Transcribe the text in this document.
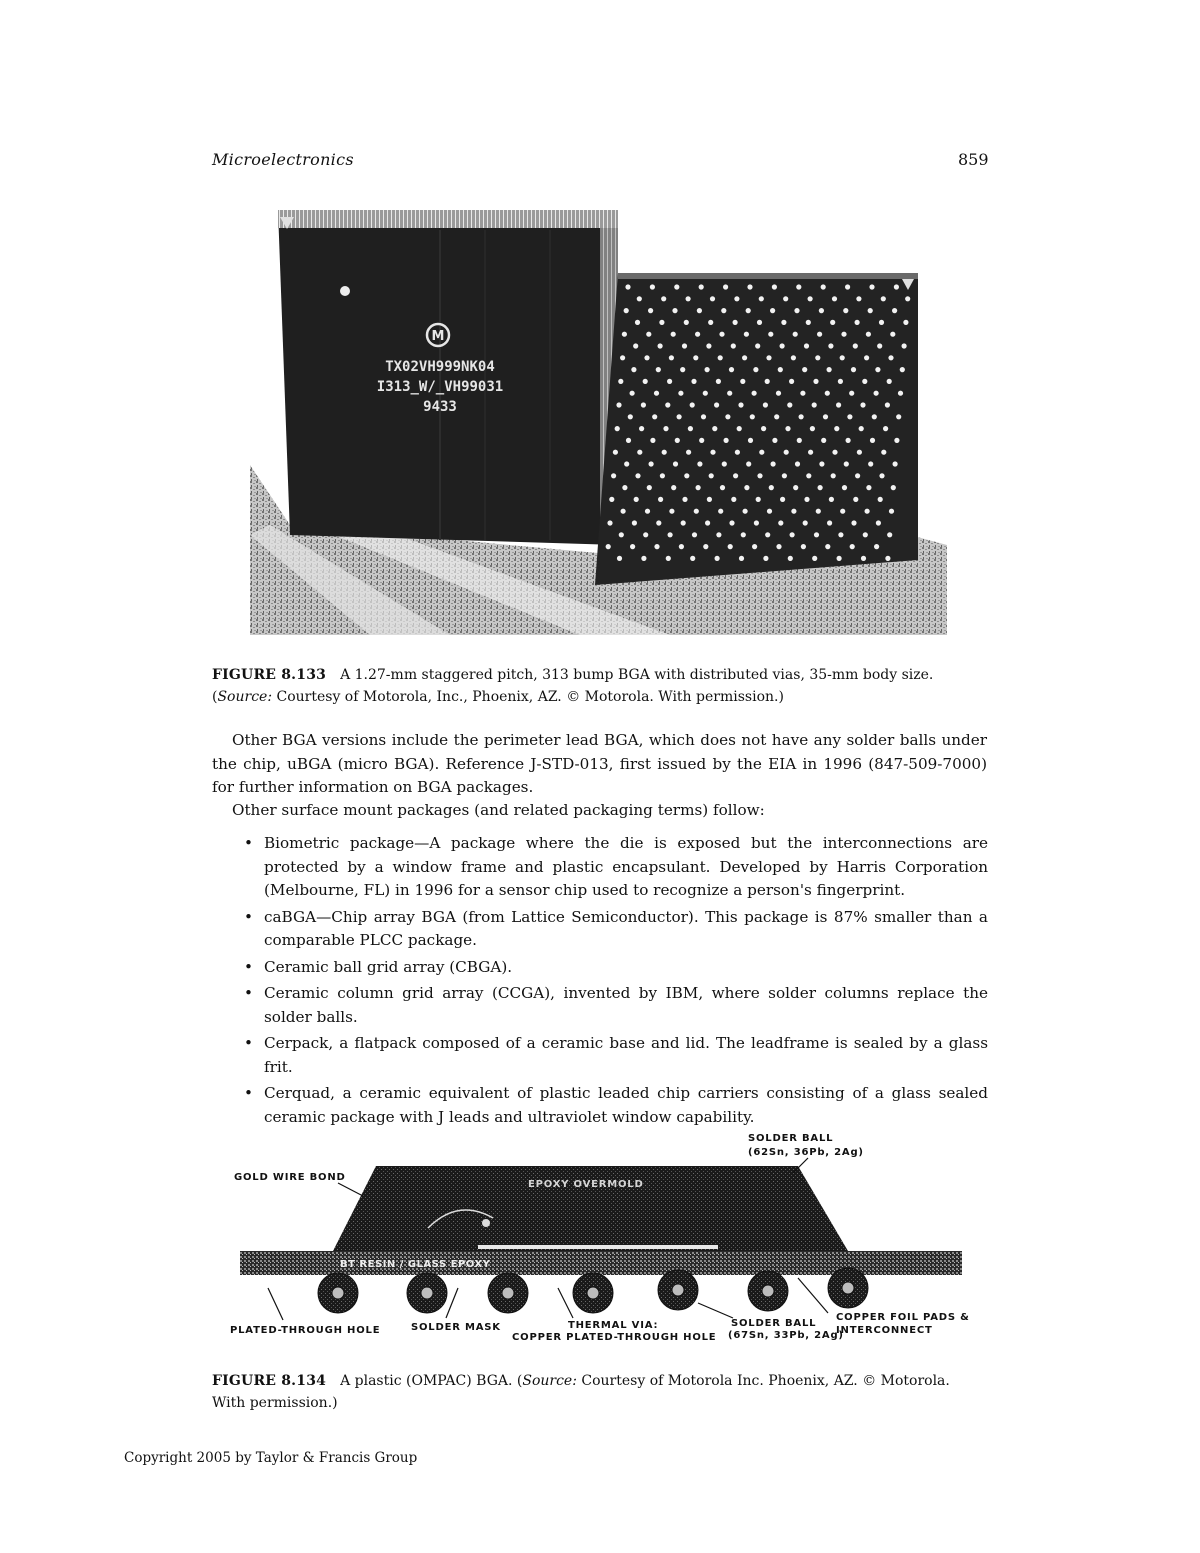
Microelectronics	859
M
TX02VH999NK04
I313_W/_VH99031
9433
FIGURE 8.133 A 1.27-mm staggered pitch, 313 bump BGA with distributed vias, 35-mm body size. (Source: Courtesy of Motorola, Inc., Phoenix, AZ. © Motorola. With permission.)
Other BGA versions include the perimeter lead BGA, which does not have any solder balls under the chip, uBGA (micro BGA). Reference J-STD-013, first issued by the EIA in 1996 (847-509-7000) for further information on BGA packages.
Other surface mount packages (and related packaging terms) follow:
• Biometric package—A package where the die is exposed but the interconnections are protected by a window frame and plastic encapsulant. Developed by Harris Corporation (Melbourne, FL) in 1996 for a sensor chip used to recognize a person's fingerprint.
• caBGA—Chip array BGA (from Lattice Semiconductor). This package is 87% smaller than a comparable PLCC package.
• Ceramic ball grid array (CBGA).
• Ceramic column grid array (CCGA), invented by IBM, where solder columns replace the solder balls.
• Cerpack, a flatpack composed of a ceramic base and lid. The leadframe is sealed by a glass frit.
• Cerquad, a ceramic equivalent of plastic leaded chip carriers consisting of a glass sealed ceramic package with J leads and ultraviolet window capability.
SOLDER BALL
(62Sn, 36Pb, 2Ag)
GOLD WIRE BOND
PLATED-THROUGH HOLE	SOLDER MASK	THERMAL VIA:
COPPER PLATED-THROUGH HOLE
SOLDER BALL
(67Sn, 33Pb, 2Ag)
COPPER FOIL PADS &
INTERCONNECT
EPOXY OVERMOLD
BT RESIN / GLASS EPOXY
FIGURE 8.134 A plastic (OMPAC) BGA. (Source: Courtesy of Motorola Inc. Phoenix, AZ. © Motorola. With permission.)
Copyright 2005 by Taylor & Francis Group
